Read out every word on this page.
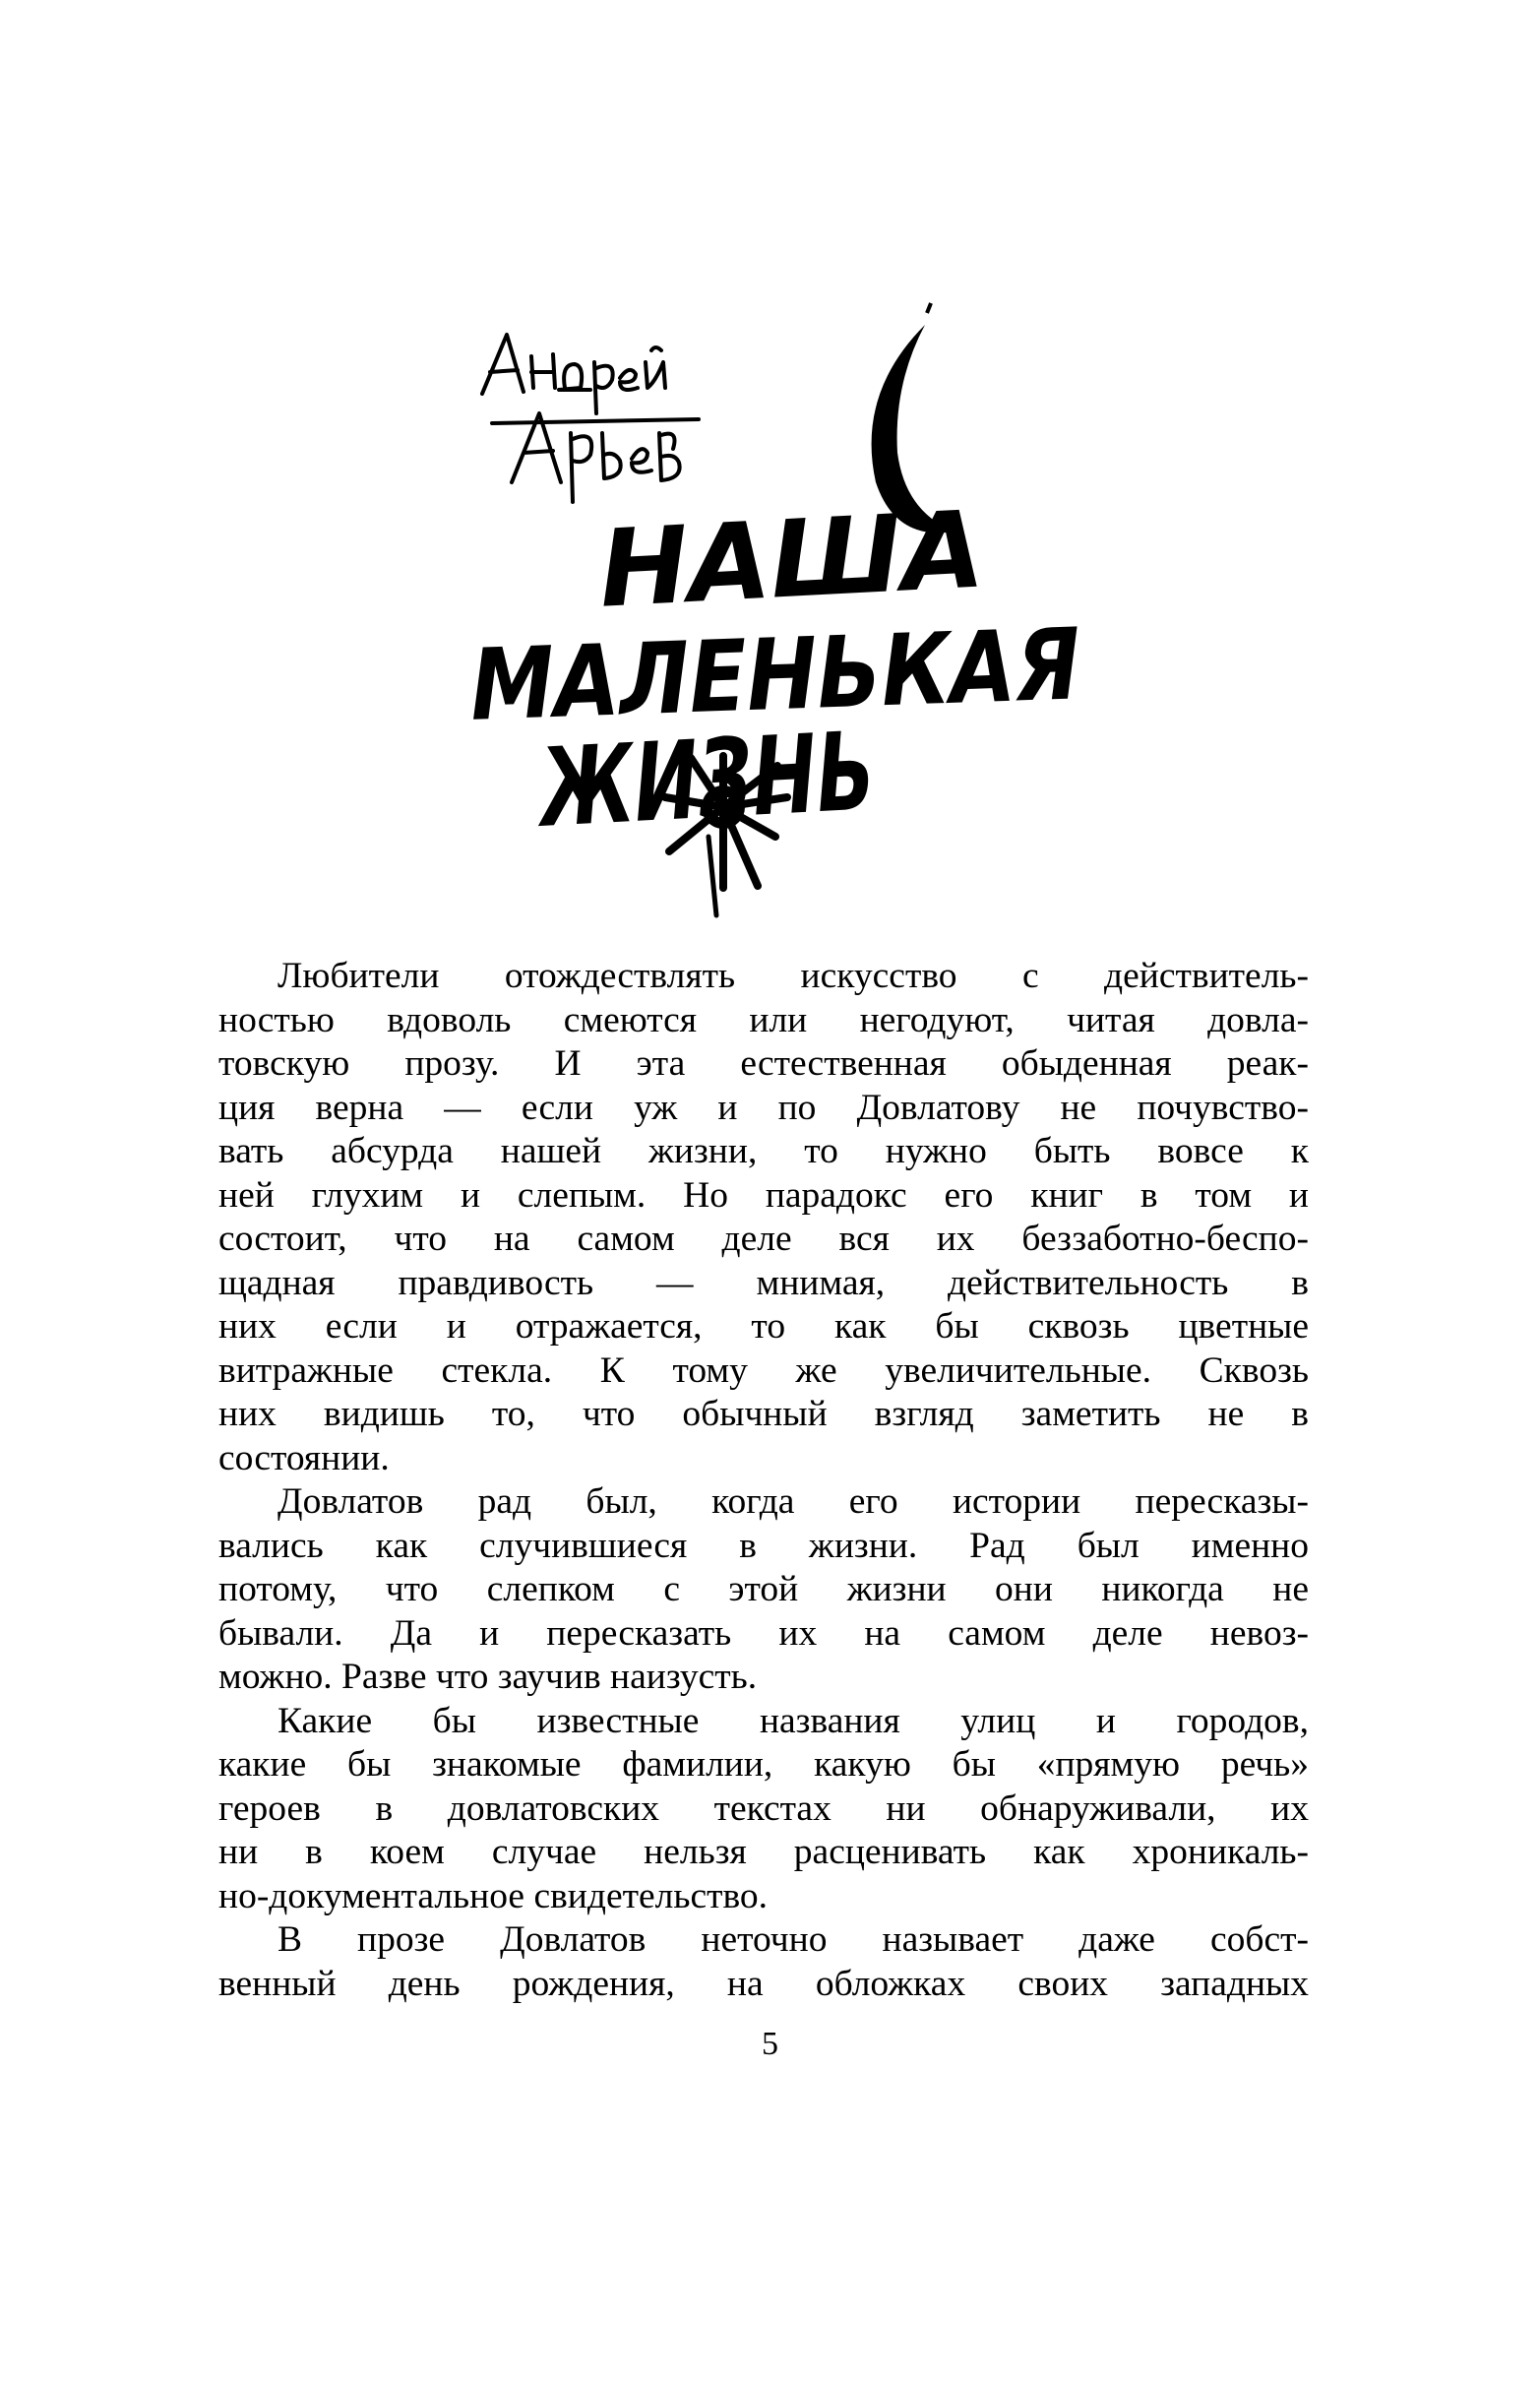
НАША
МАЛЕНЬКАЯ
ЖИЗНЬ
Любители отождествлять искусство с действитель-
ностью вдоволь смеются или негодуют, читая довла-
товскую прозу. И эта естественная обыденная реак-
ция верна — если уж и по Довлатову не почувство-
вать абсурда нашей жизни, то нужно быть вовсе к
ней глухим и слепым. Но парадокс его книг в том и
состоит, что на самом деле вся их беззаботно-беспо-
щадная правдивость — мнимая, действительность в
них если и отражается, то как бы сквозь цветные
витражные стекла. К тому же увеличительные. Сквозь
них видишь то, что обычный взгляд заметить не в
состоянии.
Довлатов рад был, когда его истории пересказы-
вались как случившиеся в жизни. Рад был именно
потому, что слепком с этой жизни они никогда не
бывали. Да и пересказать их на самом деле невоз-
можно. Разве что заучив наизусть.
Какие бы известные названия улиц и городов,
какие бы знакомые фамилии, какую бы «прямую речь»
героев в довлатовских текстах ни обнаруживали, их
ни в коем случае нельзя расценивать как хроникаль-
но-документальное свидетельство.
В прозе Довлатов неточно называет даже собст-
венный день рождения, на обложках своих западных
5
